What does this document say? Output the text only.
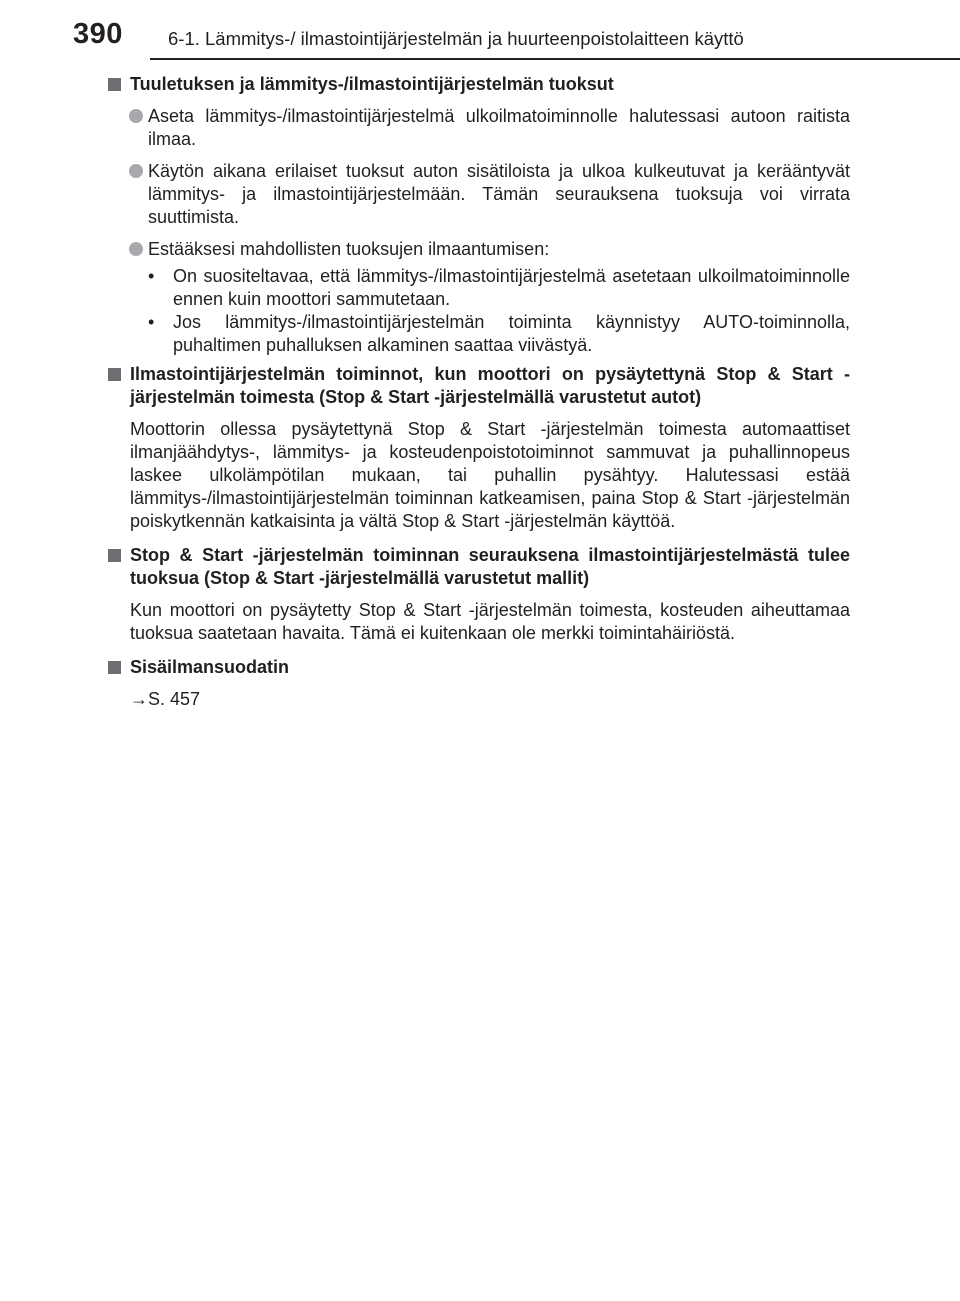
390 6-1. Lämmitys-/ ilmastointijärjestelmän ja huurteenpoistolaitteen käyttö
Tuuletuksen ja lämmitys-/ilmastointijärjestelmän tuoksut
Aseta lämmitys-/ilmastointijärjestelmä ulkoilmatoiminnolle halutessasi autoon raitista ilmaa.
Käytön aikana erilaiset tuoksut auton sisätiloista ja ulkoa kulkeutuvat ja kerääntyvät lämmitys- ja ilmastointijärjestelmään. Tämän seurauksena tuoksuja voi virrata suuttimista.
Estääksesi mahdollisten tuoksujen ilmaantumisen:
•	On suositeltavaa, että lämmitys-/ilmastointijärjestelmä asetetaan ulkoilmatoiminnolle ennen kuin moottori sammutetaan.
•	Jos lämmitys-/ilmastointijärjestelmän toiminta käynnistyy AUTO-toiminnolla, puhaltimen puhalluksen alkaminen saattaa viivästyä.
Ilmastointijärjestelmän toiminnot, kun moottori on pysäytettynä Stop & Start -järjestelmän toimesta (Stop & Start -järjestelmällä varustetut autot)
Moottorin ollessa pysäytettynä Stop & Start -järjestelmän toimesta automaattiset ilmanjäähdytys-, lämmitys- ja kosteudenpoistotoiminnot sammuvat ja puhallinnopeus laskee ulkolämpötilan mukaan, tai puhallin pysähtyy. Halutessasi estää lämmitys-/ilmastointijärjestelmän toiminnan katkeamisen, paina Stop & Start -järjestelmän poiskytkennän katkaisinta ja vältä Stop & Start -järjestelmän käyttöä.
Stop & Start -järjestelmän toiminnan seurauksena ilmastointijärjestelmästä tulee tuoksua (Stop & Start -järjestelmällä varustetut mallit)
Kun moottori on pysäytetty Stop & Start -järjestelmän toimesta, kosteuden aiheuttamaa tuoksua saatetaan havaita. Tämä ei kuitenkaan ole merkki toimintahäiriöstä.
Sisäilmansuodatin
→S. 457
